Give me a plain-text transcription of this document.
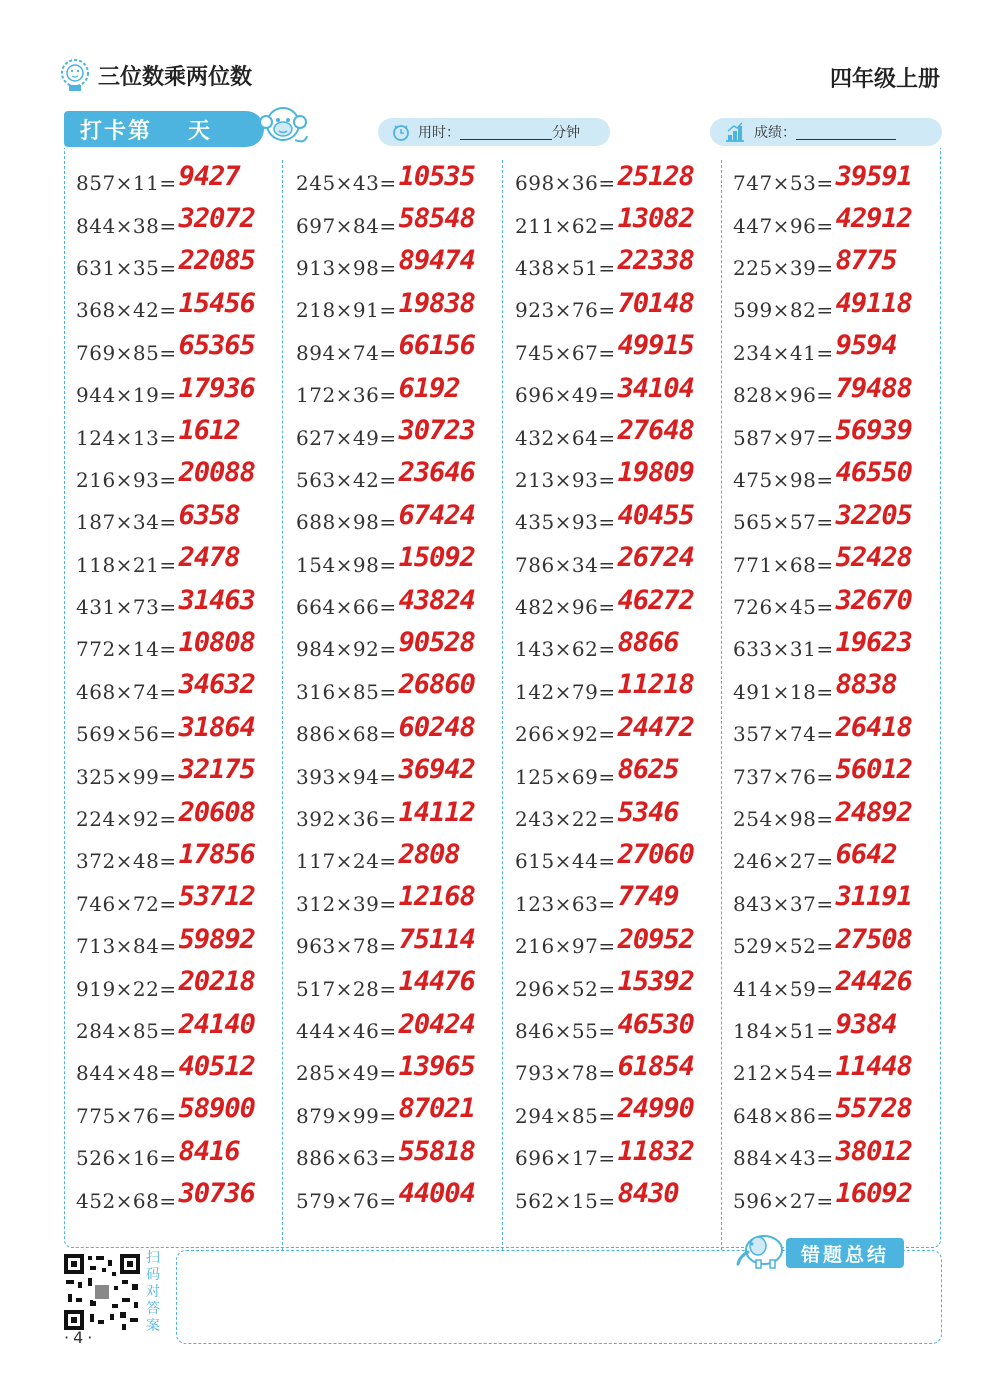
三位数乘两位数	四年级上册
打卡第 天	用时：	分钟	成绩：
857×11= 9427
844×38= 32072
631×35= 22085
368×42= 15456
769×85= 65365
944×19= 17936
124×13= 1612
216×93= 20088
187×34= 6358
118×21= 2478
431×73= 31463
772×14= 10808
468×74= 34632
569×56= 31864
325×99= 32175
224×92= 20608
372×48= 17856
746×72= 53712
713×84= 59892
919×22= 20218
284×85= 24140
844×48= 40512
775×76= 58900
526×16= 8416
452×68= 30736
245×43= 10535
697×84= 58548
913×98= 89474
218×91= 19838
894×74= 66156
172×36= 6192
627×49= 30723
563×42= 23646
688×98= 67424
154×98= 15092
664×66= 43824
984×92= 90528
316×85= 26860
886×68= 60248
393×94= 36942
392×36= 14112
117×24= 2808
312×39= 12168
963×78= 75114
517×28= 14476
444×46= 20424
285×49= 13965
879×99= 87021
886×63= 55818
579×76= 44004
698×36= 25128
211×62= 13082
438×51= 22338
923×76= 70148
745×67= 49915
696×49= 34104
432×64= 27648
213×93= 19809
435×93= 40455
786×34= 26724
482×96= 46272
143×62= 8866
142×79= 11218
266×92= 24472
125×69= 8625
243×22= 5346
615×44= 27060
123×63= 7749
216×97= 20952
296×52= 15392
846×55= 46530
793×78= 61854
294×85= 24990
696×17= 11832
562×15= 8430
747×53= 39591
447×96= 42912
225×39= 8775
599×82= 49118
234×41= 9594
828×96= 79488
587×97= 56939
475×98= 46550
565×57= 32205
771×68= 52428
726×45= 32670
633×31= 19623
491×18= 8838
357×74= 26418
737×76= 56012
254×98= 24892
246×27= 6642
843×37= 31191
529×52= 27508
414×59= 24426
184×51= 9384
212×54= 11448
648×86= 55728
884×43= 38012
596×27= 16092
扫码对答案
·4·
错题总结
